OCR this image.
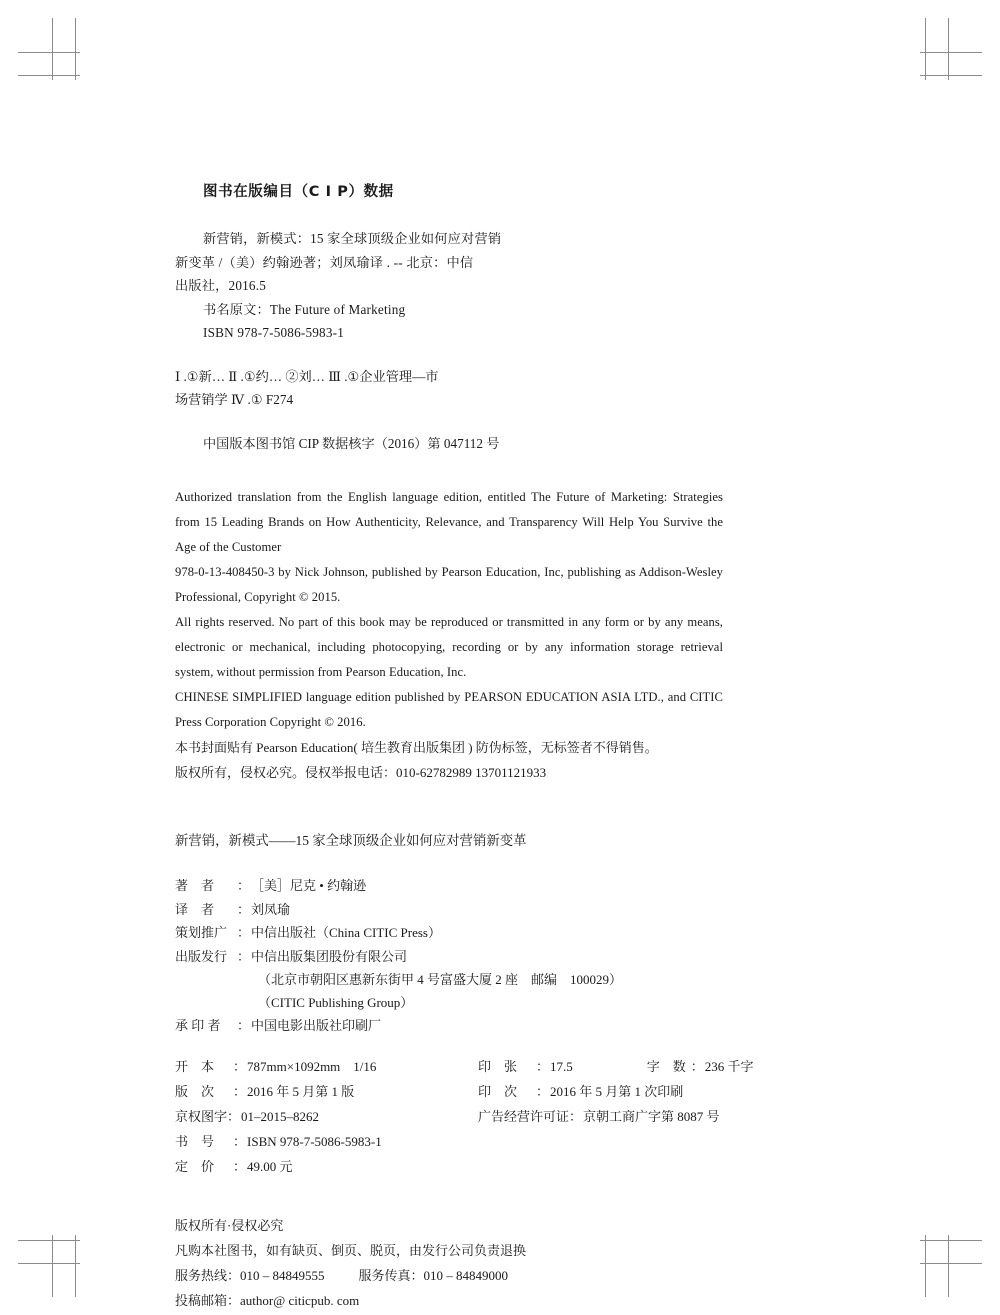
图书在版编目（C I P）数据
新营销，新模式：15 家全球顶级企业如何应对营销
新变革 /（美）约翰逊著；刘凤瑜译 . -- 北京：中信
出版社，2016.5
书名原文：The Future of Marketing
ISBN 978-7-5086-5983-1
Ⅰ .①新… Ⅱ .①约… ②刘… Ⅲ .①企业管理—市
场营销学 Ⅳ .① F274
中国版本图书馆 CIP 数据核字（2016）第 047112 号

Authorized translation from the English language edition, entitled The Future of Marketing: Strategies from 15 Leading Brands on How Authenticity, Relevance, and Transparency Will Help You Survive the Age of the Customer

978-0-13-408450-3 by Nick Johnson, published by Pearson Education, Inc, publishing as Addison-Wesley Professional, Copyright © 2015.

All rights reserved. No part of this book may be reproduced or transmitted in any form or by any means, electronic or mechanical, including photocopying, recording or by any information storage retrieval system, without permission from Pearson Education, Inc.

CHINESE SIMPLIFIED language edition published by PEARSON EDUCATION ASIA LTD., and CITIC Press Corporation Copyright © 2016.

本书封面贴有 Pearson Education( 培生教育出版集团 ) 防伪标签，无标签者不得销售。

版权所有，侵权必究。侵权举报电话：010-62782989 13701121933

新营销，新模式——15 家全球顶级企业如何应对营销新变革
著　者	： ［美］尼克 • 约翰逊
译　者	： 刘凤瑜
策划推广 ： 中信出版社（China CITIC Press）
出版发行 ： 中信出版集团股份有限公司
（北京市朝阳区惠新东街甲 4 号富盛大厦 2 座　邮编　100029）
（CITIC Publishing Group）
承 印 者	： 中国电影出版社印刷厂
开　本	： 787mm×1092mm　1/16	印　张	： 17.5	字　数 ： 236 千字
版　次	： 2016 年 5 月第 1 版	印　次	： 2016 年 5 月第 1 次印刷
京权图字 ： 01–2015–8262	广告经营许可证 ： 京朝工商广字第 8087 号
书　号	： ISBN 978-7-5086-5983-1
定　价	： 49.00 元

版权所有·侵权必究

凡购本社图书，如有缺页、倒页、脱页，由发行公司负责退换

服务热线：010 – 84849555	服务传真：010 – 84849000

投稿邮箱：author@ citicpub. com
